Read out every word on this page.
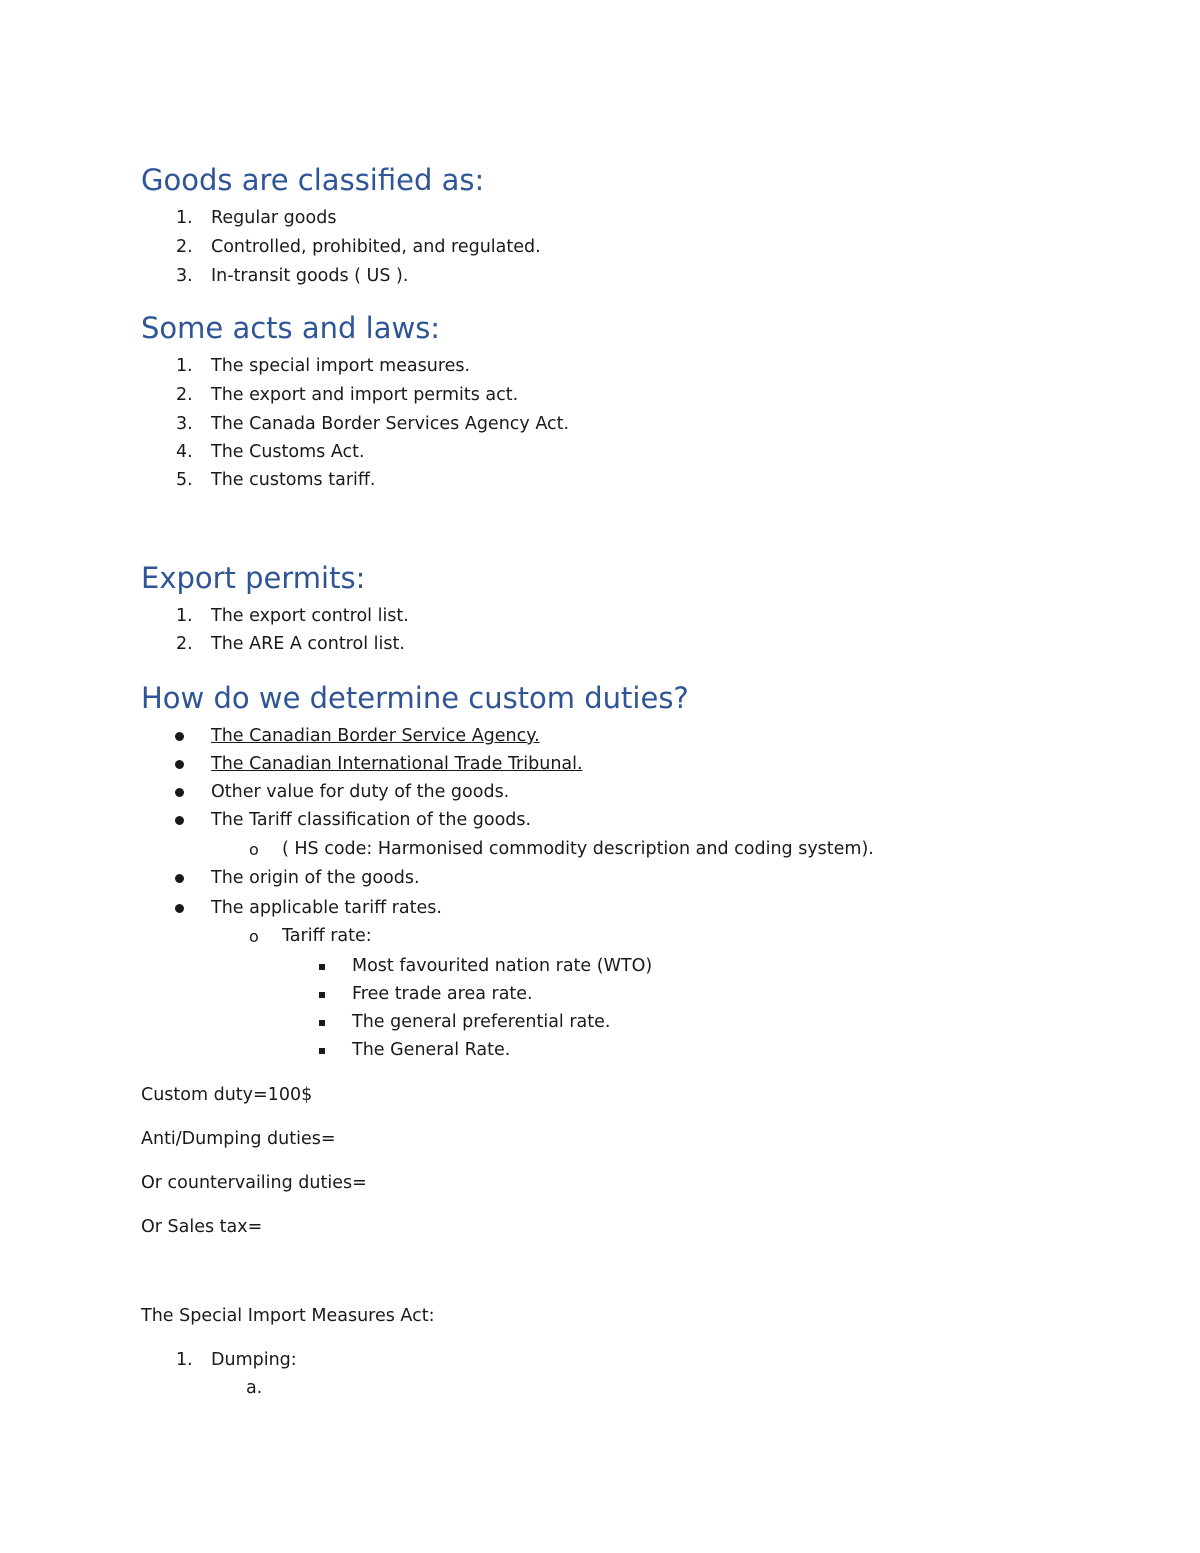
Goods are classified as:
1. Regular goods
2. Controlled, prohibited, and regulated.
3. In-transit goods ( US ).
Some acts and laws:
1. The special import measures.
2. The export and import permits act.
3. The Canada Border Services Agency Act.
4. The Customs Act.
5. The customs tariff.
Export permits:
1. The export control list.
2. The ARE A control list.
How do we determine custom duties?
The Canadian Border Service Agency.
The Canadian International Trade Tribunal.
Other value for duty of the goods.
The Tariff classification of the goods.
o ( HS code: Harmonised commodity description and coding system).
The origin of the goods.
The applicable tariff rates.
o Tariff rate:
Most favourited nation rate (WTO)
Free trade area rate.
The general preferential rate.
The General Rate.
Custom duty=100$
Anti/Dumping duties=
Or countervailing duties=
Or Sales tax=
The Special Import Measures Act:
1. Dumping:
a.
